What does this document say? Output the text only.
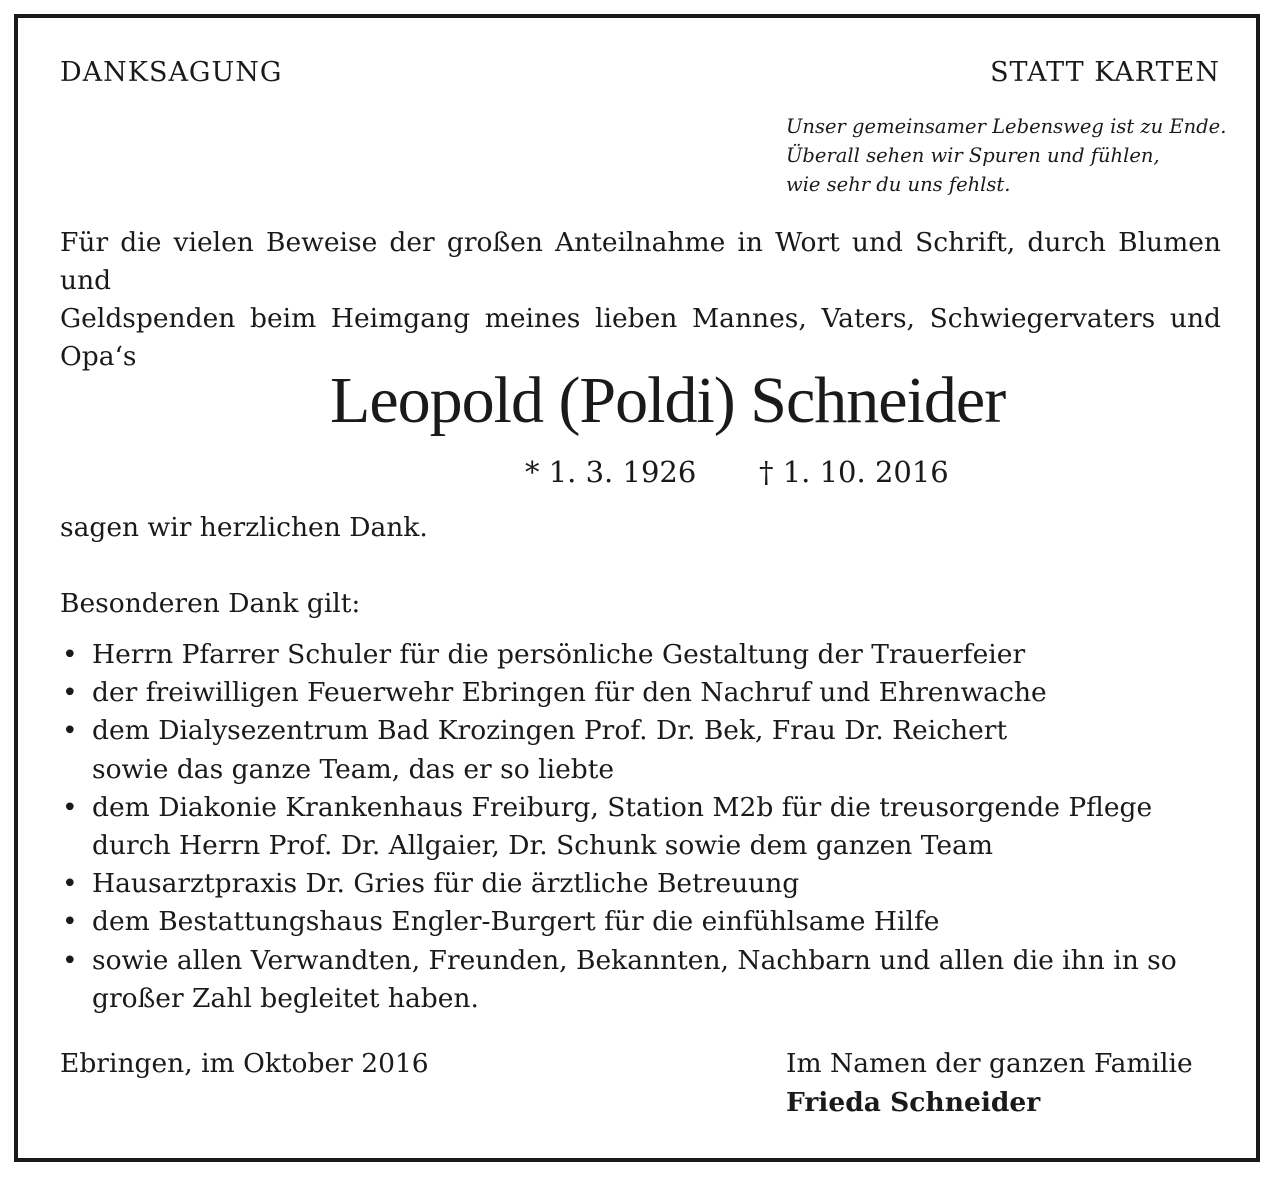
DANKSAGUNG	STATT KARTEN
Unser gemeinsamer Lebensweg ist zu Ende.
Überall sehen wir Spuren und fühlen,
wie sehr du uns fehlst.
Für die vielen Beweise der großen Anteilnahme in Wort und Schrift, durch Blumen und
Geldspenden beim Heimgang meines lieben Mannes, Vaters, Schwiegervaters und
Opa‘s
Leopold (Poldi) Schneider
* 1. 3. 1926 † 1. 10. 2016
sagen wir herzlichen Dank.
Besonderen Dank gilt:
• Herrn Pfarrer Schuler für die persönliche Gestaltung der Trauerfeier
• der freiwilligen Feuerwehr Ebringen für den Nachruf und Ehrenwache
• dem Dialysezentrum Bad Krozingen Prof. Dr. Bek, Frau Dr. Reichert
sowie das ganze Team, das er so liebte
• dem Diakonie Krankenhaus Freiburg, Station M2b für die treusorgende Pflege
durch Herrn Prof. Dr. Allgaier, Dr. Schunk sowie dem ganzen Team
• Hausarztpraxis Dr. Gries für die ärztliche Betreuung
• dem Bestattungshaus Engler-Burgert für die einfühlsame Hilfe
• sowie allen Verwandten, Freunden, Bekannten, Nachbarn und allen die ihn in so
großer Zahl begleitet haben.
Ebringen, im Oktober 2016	Im Namen der ganzen Familie
Frieda Schneider
